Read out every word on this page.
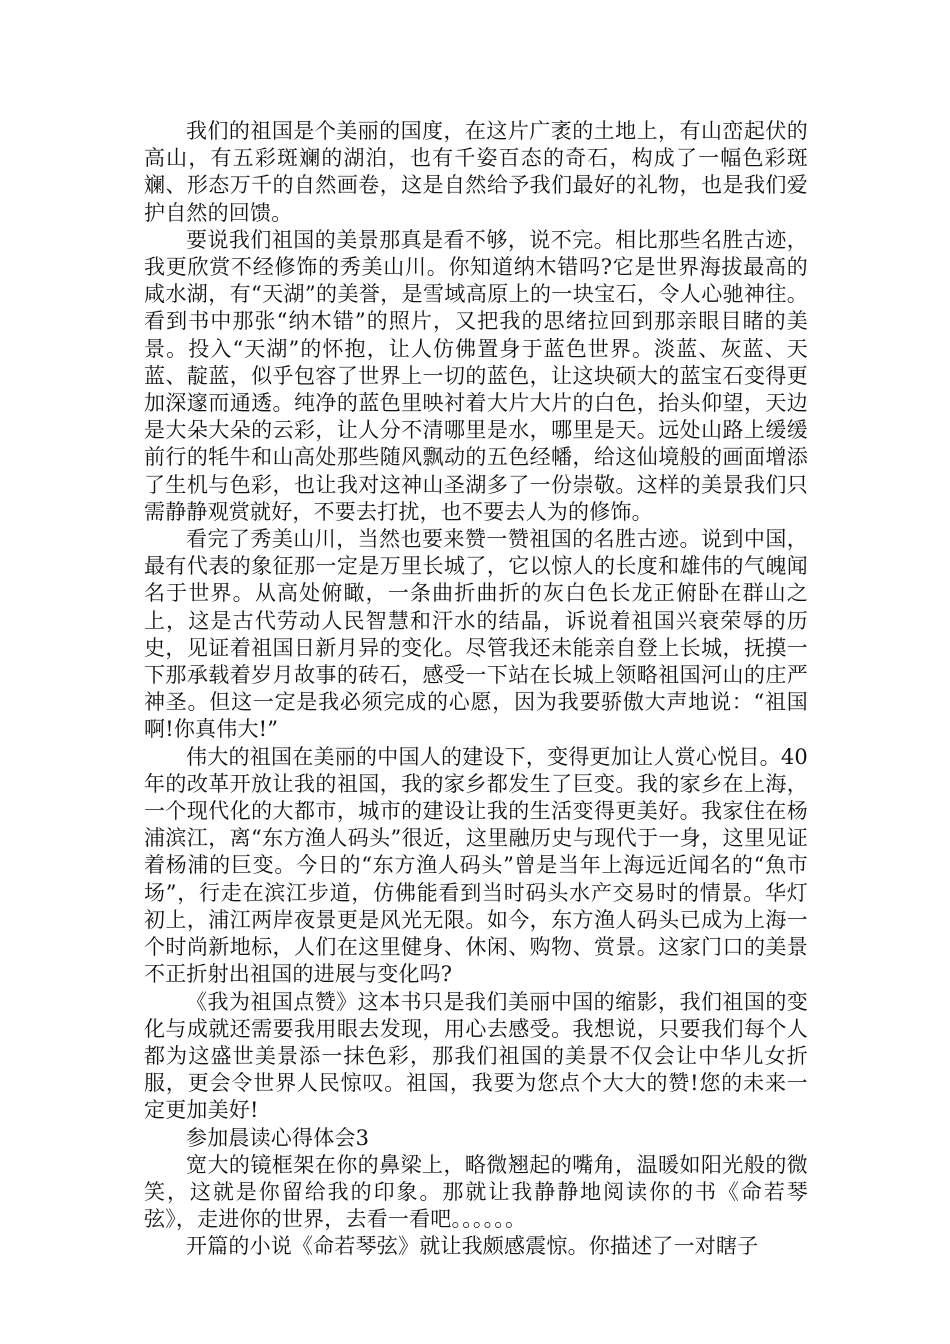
我们的祖国是个美丽的国度，在这片广袤的土地上，有山峦起伏的高山，有五彩斑斓的湖泊，也有千姿百态的奇石，构成了一幅色彩斑斓、形态万千的自然画卷，这是自然给予我们最好的礼物，也是我们爱护自然的回馈。

要说我们祖国的美景那真是看不够，说不完。相比那些名胜古迹，我更欣赏不经修饰的秀美山川。你知道纳木错吗?它是世界海拔最高的咸水湖，有“天湖”的美誉，是雪域高原上的一块宝石，令人心驰神往。看到书中那张“纳木错”的照片，又把我的思绪拉回到那亲眼目睹的美景。投入“天湖”的怀抱，让人仿佛置身于蓝色世界。淡蓝、灰蓝、天蓝、靛蓝，似乎包容了世界上一切的蓝色，让这块硕大的蓝宝石变得更加深邃而通透。纯净的蓝色里映衬着大片大片的白色，抬头仰望，天边是大朵大朵的云彩，让人分不清哪里是水，哪里是天。远处山路上缓缓前行的牦牛和山高处那些随风飘动的五色经幡，给这仙境般的画面增添了生机与色彩，也让我对这神山圣湖多了一份崇敬。这样的美景我们只需静静观赏就好，不要去打扰，也不要去人为的修饰。

看完了秀美山川，当然也要来赞一赞祖国的名胜古迹。说到中国，最有代表的象征那一定是万里长城了，它以惊人的长度和雄伟的气魄闻名于世界。从高处俯瞰，一条曲折曲折的灰白色长龙正俯卧在群山之上，这是古代劳动人民智慧和汗水的结晶，诉说着祖国兴衰荣辱的历史，见证着祖国日新月异的变化。尽管我还未能亲自登上长城，抚摸一下那承载着岁月故事的砖石，感受一下站在长城上领略祖国河山的庄严神圣。但这一定是我必须完成的心愿，因为我要骄傲大声地说：“祖国啊!你真伟大!”

伟大的祖国在美丽的中国人的建设下，变得更加让人赏心悦目。40年的改革开放让我的祖国，我的家乡都发生了巨变。我的家乡在上海，一个现代化的大都市，城市的建设让我的生活变得更美好。我家住在杨浦滨江，离“东方渔人码头”很近，这里融历史与现代于一身，这里见证着杨浦的巨变。今日的“东方渔人码头”曾是当年上海远近闻名的“魚市场”，行走在滨江步道，仿佛能看到当时码头水产交易时的情景。华灯初上，浦江两岸夜景更是风光无限。如今，东方渔人码头已成为上海一个时尚新地标，人们在这里健身、休闲、购物、赏景。这家门口的美景不正折射出祖国的进展与变化吗?

《我为祖国点赞》这本书只是我们美丽中国的缩影，我们祖国的变化与成就还需要我用眼去发现，用心去感受。我想说，只要我们每个人都为这盛世美景添一抹色彩，那我们祖国的美景不仅会让中华儿女折服，更会令世界人民惊叹。祖国，我要为您点个大大的赞!您的未来一定更加美好!

参加晨读心得体会3

宽大的镜框架在你的鼻梁上，略微翘起的嘴角，温暖如阳光般的微笑，这就是你留给我的印象。那就让我静静地阅读你的书《命若琴弦》，走进你的世界，去看一看吧。。。。。。

开篇的小说《命若琴弦》就让我颇感震惊。你描述了一对瞎子
